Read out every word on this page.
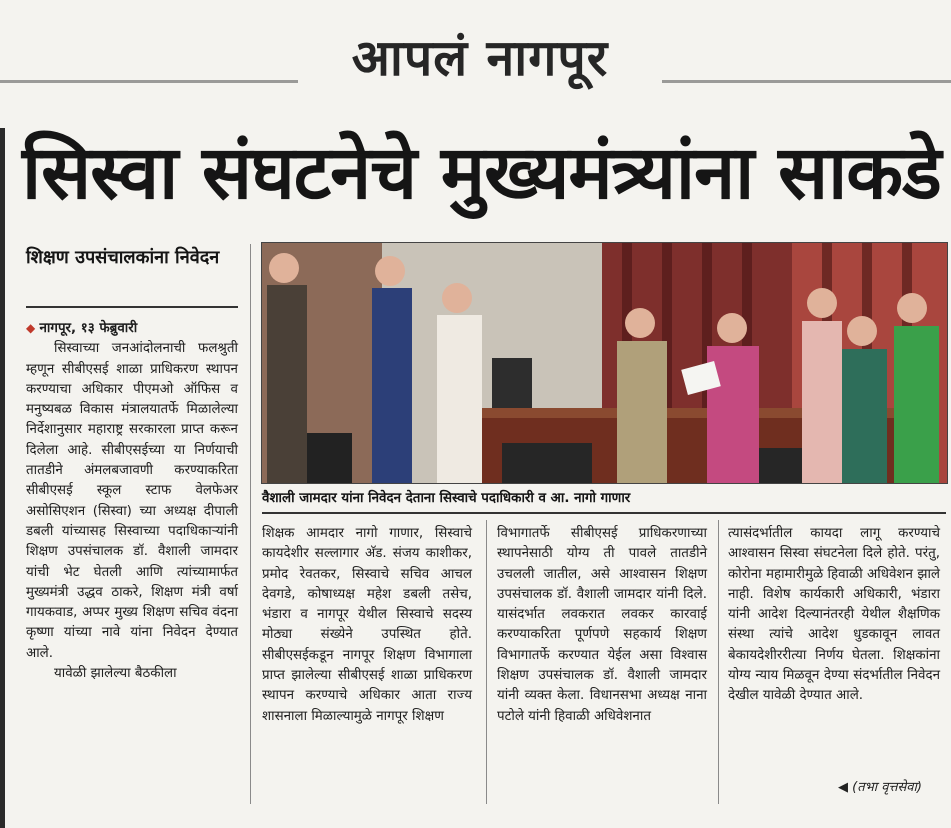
आपलं नागपूर
सिस्वा संघटनेचे मुख्यमंत्र्यांना साकडे
शिक्षण उपसंचालकांना निवेदन

◆ नागपूर, १३ फेब्रुवारी

सिस्वाच्या जनआंदोलनाची फलश्रुती म्हणून सीबीएसई शाळा प्राधिकरण स्थापन करण्याचा अधिकार पीएमओ ऑफिस व मनुष्यबळ विकास मंत्रालयातर्फे मिळालेल्या निर्देशानुसार महाराष्ट्र सरकारला प्राप्त करून दिलेला आहे. सीबीएसईच्या या निर्णयाची तातडीने अंमलबजावणी करण्याकरिता सीबीएसई स्कूल स्टाफ वेलफेअर असोसिएशन (सिस्वा) च्या अध्यक्ष दीपाली डबली यांच्यासह सिस्वाच्या पदाधिकाऱ्यांनी शिक्षण उपसंचालक डॉ. वैशाली जामदार यांची भेट घेतली आणि त्यांच्यामार्फत मुख्यमंत्री उद्धव ठाकरे, शिक्षण मंत्री वर्षा गायकवाड, अप्पर मुख्य शिक्षण सचिव वंदना कृष्णा यांच्या नावे यांना निवेदन देण्यात आले.

यावेळी झालेल्या बैठकीला

वैशाली जामदार यांना निवेदन देताना सिस्वाचे पदाधिकारी व आ. नागो गाणार

शिक्षक आमदार नागो गाणार, सिस्वाचे कायदेशीर सल्लागार अ‍ॅड. संजय काशीकर, प्रमोद रेवतकर, सिस्वाचे सचिव आचल देवगडे, कोषाध्यक्ष महेश डबली तसेच, भंडारा व नागपूर येथील सिस्वाचे सदस्य मोठ्या संख्येने उपस्थित होते. सीबीएसईकडून नागपूर शिक्षण विभागाला प्राप्त झालेल्या सीबीएसई शाळा प्राधिकरण स्थापन करण्याचे अधिकार आता राज्य शासनाला मिळाल्यामुळे नागपूर शिक्षण

विभागातर्फे सीबीएसई प्राधिकरणाच्या स्थापनेसाठी योग्य ती पावले तातडीने उचलली जातील, असे आश्वासन शिक्षण उपसंचालक डॉ. वैशाली जामदार यांनी दिले. यासंदर्भात लवकरात लवकर कारवाई करण्याकरिता पूर्णपणे सहकार्य शिक्षण विभागातर्फे करण्यात येईल असा विश्वास शिक्षण उपसंचालक डॉ. वैशाली जामदार यांनी व्यक्त केला. विधानसभा अध्यक्ष नाना पटोले यांनी हिवाळी अधिवेशनात

त्यासंदर्भातील कायदा लागू करण्याचे आश्वासन सिस्वा संघटनेला दिले होते. परंतु, कोरोना महामारीमुळे हिवाळी अधिवेशन झाले नाही. विशेष कार्यकारी अधिकारी, भंडारा यांनी आदेश दिल्यानंतरही येथील शैक्षणिक संस्था त्यांचे आदेश धुडकावून लावत बेकायदेशीररीत्या निर्णय घेतला. शिक्षकांना योग्य न्याय मिळवून देण्या संदर्भातील निवेदन देखील यावेळी देण्यात आले.

◀ (तभा वृत्तसेवा)
